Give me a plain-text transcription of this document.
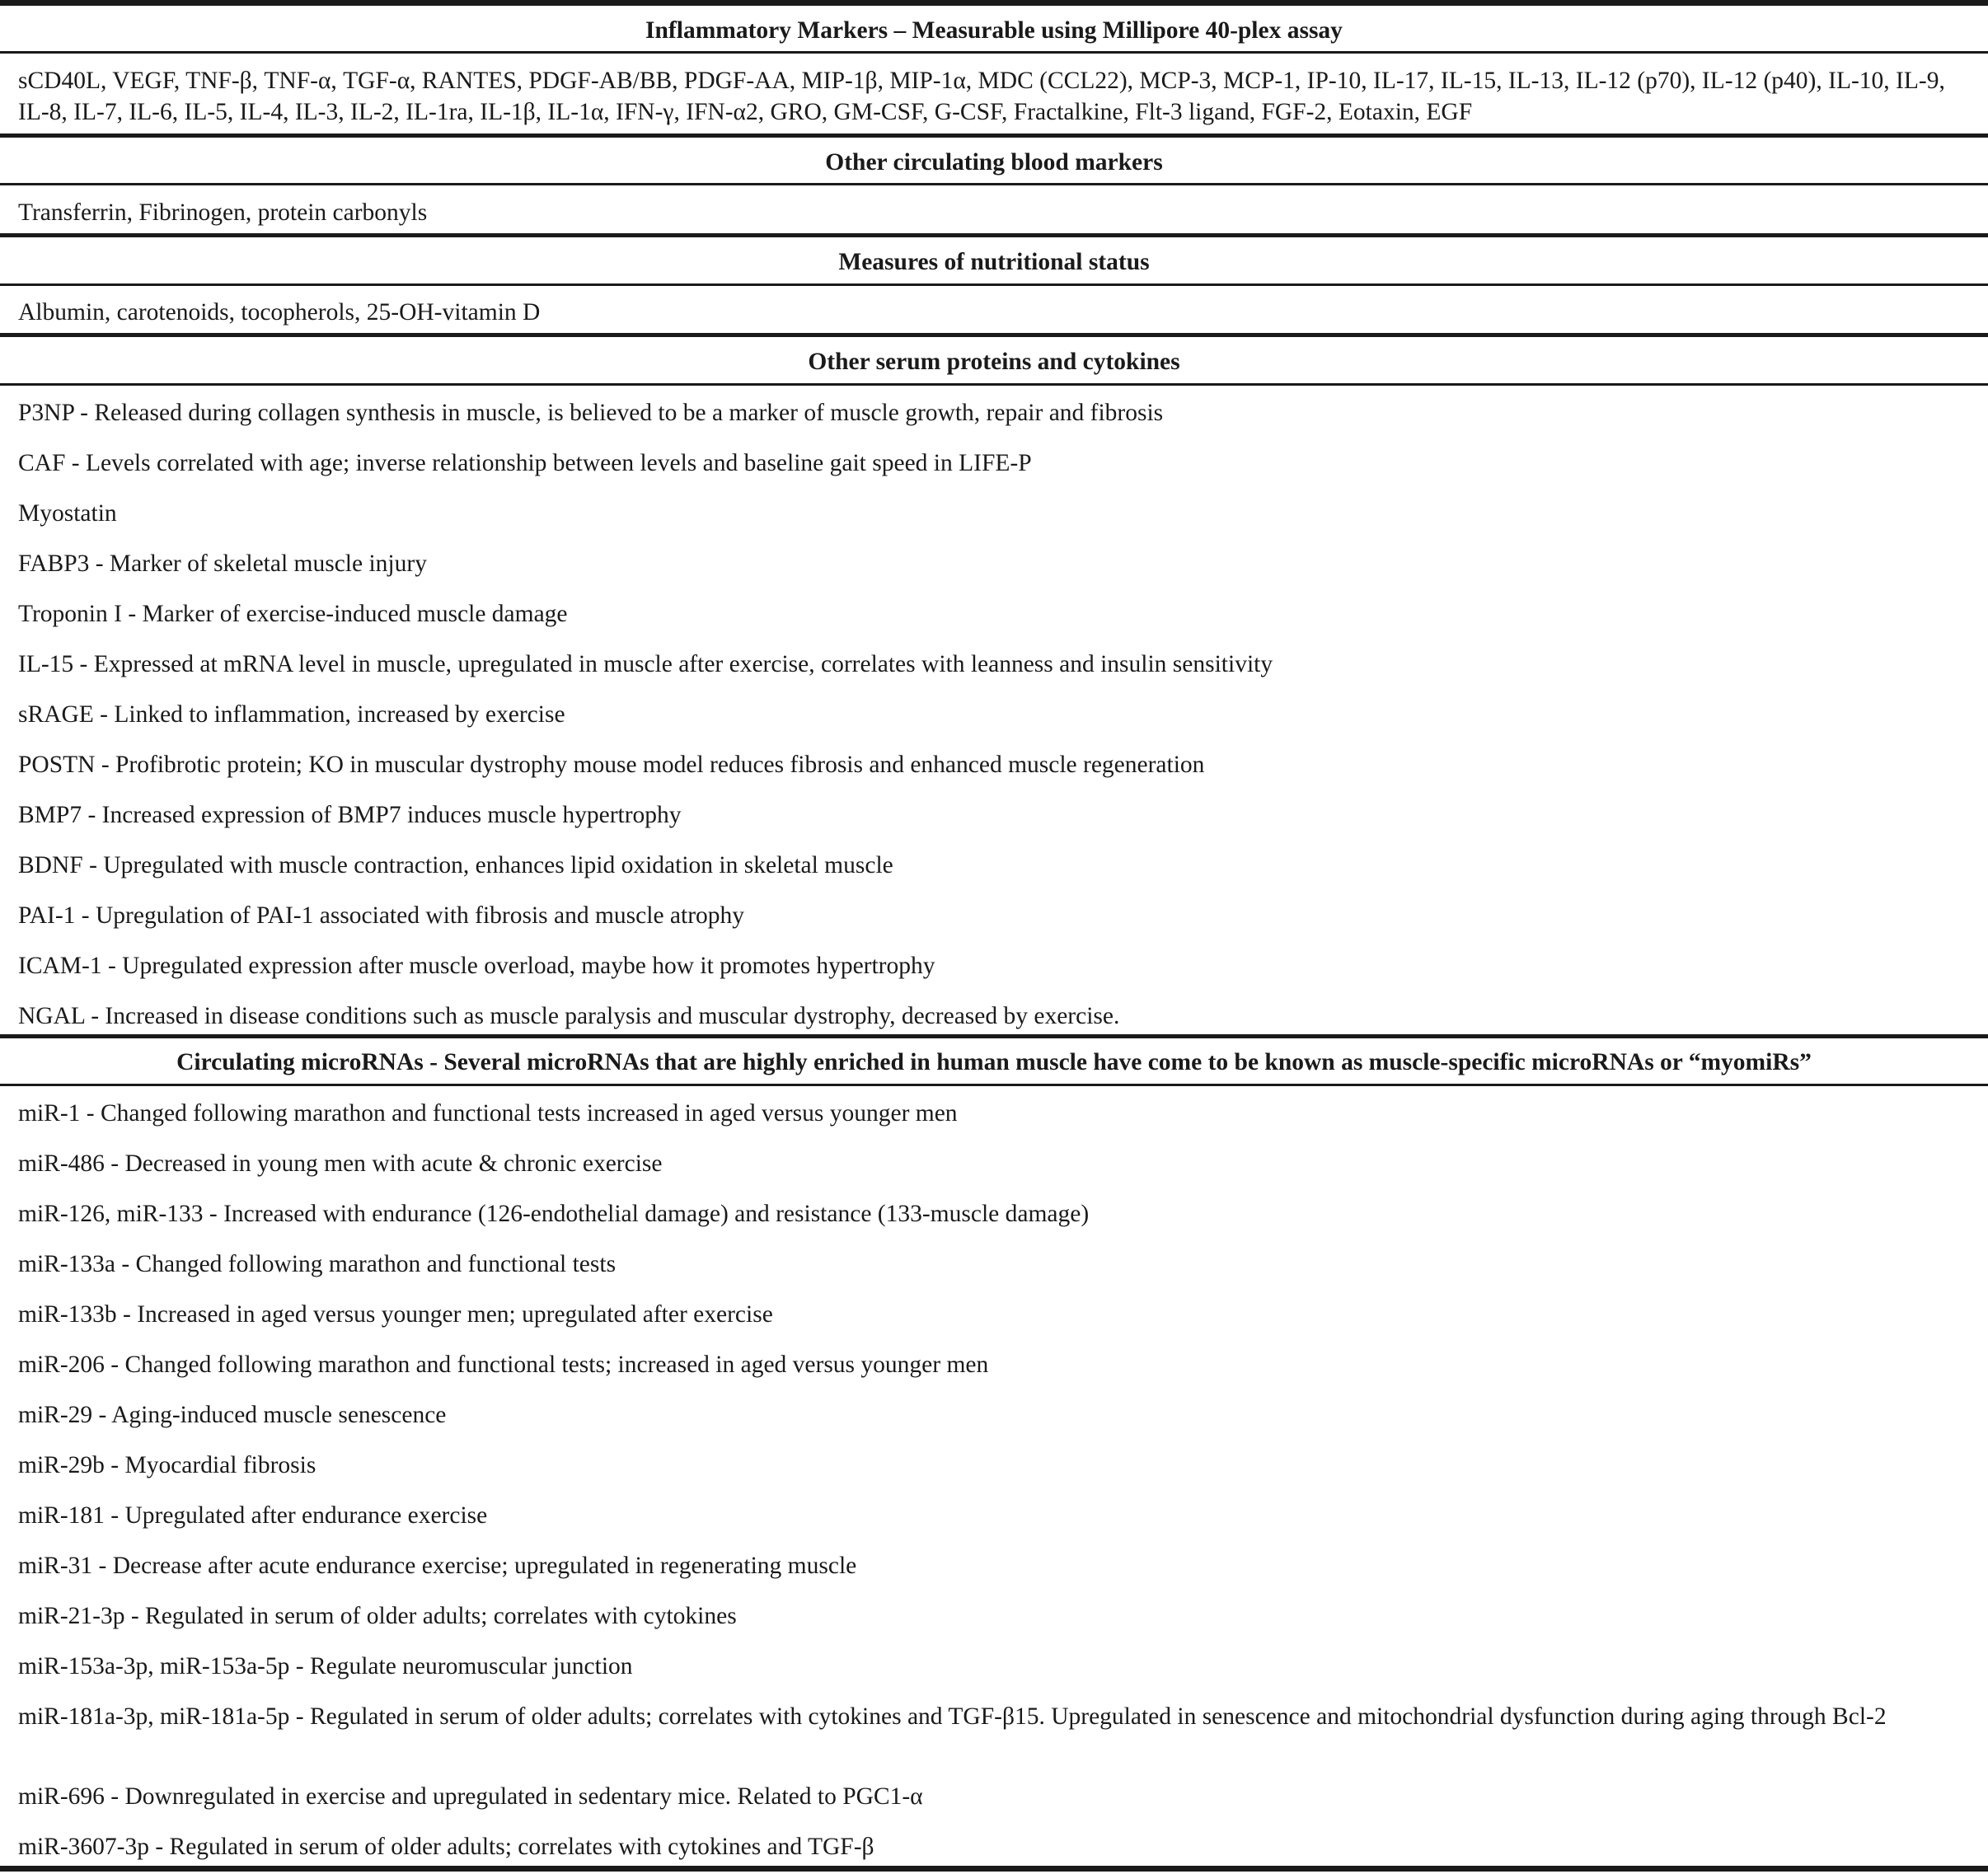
Inflammatory Markers – Measurable using Millipore 40-plex assay
sCD40L, VEGF, TNF-β, TNF-α, TGF-α, RANTES, PDGF-AB/BB, PDGF-AA, MIP-1β, MIP-1α, MDC (CCL22), MCP-3, MCP-1, IP-10, IL-17, IL-15, IL-13, IL-12 (p70), IL-12 (p40), IL-10, IL-9, IL-8, IL-7, IL-6, IL-5, IL-4, IL-3, IL-2, IL-1ra, IL-1β, IL-1α, IFN-γ, IFN-α2, GRO, GM-CSF, G-CSF, Fractalkine, Flt-3 ligand, FGF-2, Eotaxin, EGF
Other circulating blood markers
Transferrin, Fibrinogen, protein carbonyls
Measures of nutritional status
Albumin, carotenoids, tocopherols, 25-OH-vitamin D
Other serum proteins and cytokines
P3NP - Released during collagen synthesis in muscle, is believed to be a marker of muscle growth, repair and fibrosis
CAF - Levels correlated with age; inverse relationship between levels and baseline gait speed in LIFE-P
Myostatin
FABP3 - Marker of skeletal muscle injury
Troponin I - Marker of exercise-induced muscle damage
IL-15 - Expressed at mRNA level in muscle, upregulated in muscle after exercise, correlates with leanness and insulin sensitivity
sRAGE - Linked to inflammation, increased by exercise
POSTN - Profibrotic protein; KO in muscular dystrophy mouse model reduces fibrosis and enhanced muscle regeneration
BMP7 - Increased expression of BMP7 induces muscle hypertrophy
BDNF - Upregulated with muscle contraction, enhances lipid oxidation in skeletal muscle
PAI-1 - Upregulation of PAI-1 associated with fibrosis and muscle atrophy
ICAM-1 - Upregulated expression after muscle overload, maybe how it promotes hypertrophy
NGAL - Increased in disease conditions such as muscle paralysis and muscular dystrophy, decreased by exercise.
Circulating microRNAs - Several microRNAs that are highly enriched in human muscle have come to be known as muscle-specific microRNAs or “myomiRs”
miR-1 - Changed following marathon and functional tests increased in aged versus younger men
miR-486 - Decreased in young men with acute & chronic exercise
miR-126, miR-133 - Increased with endurance (126-endothelial damage) and resistance (133-muscle damage)
miR-133a - Changed following marathon and functional tests
miR-133b - Increased in aged versus younger men; upregulated after exercise
miR-206 - Changed following marathon and functional tests; increased in aged versus younger men
miR-29 - Aging-induced muscle senescence
miR-29b - Myocardial fibrosis
miR-181 - Upregulated after endurance exercise
miR-31 - Decrease after acute endurance exercise; upregulated in regenerating muscle
miR-21-3p - Regulated in serum of older adults; correlates with cytokines
miR-153a-3p, miR-153a-5p - Regulate neuromuscular junction
miR-181a-3p, miR-181a-5p - Regulated in serum of older adults; correlates with cytokines and TGF-β15. Upregulated in senescence and mitochondrial dysfunction during aging through Bcl-2
miR-696 - Downregulated in exercise and upregulated in sedentary mice. Related to PGC1-α
miR-3607-3p - Regulated in serum of older adults; correlates with cytokines and TGF-β
